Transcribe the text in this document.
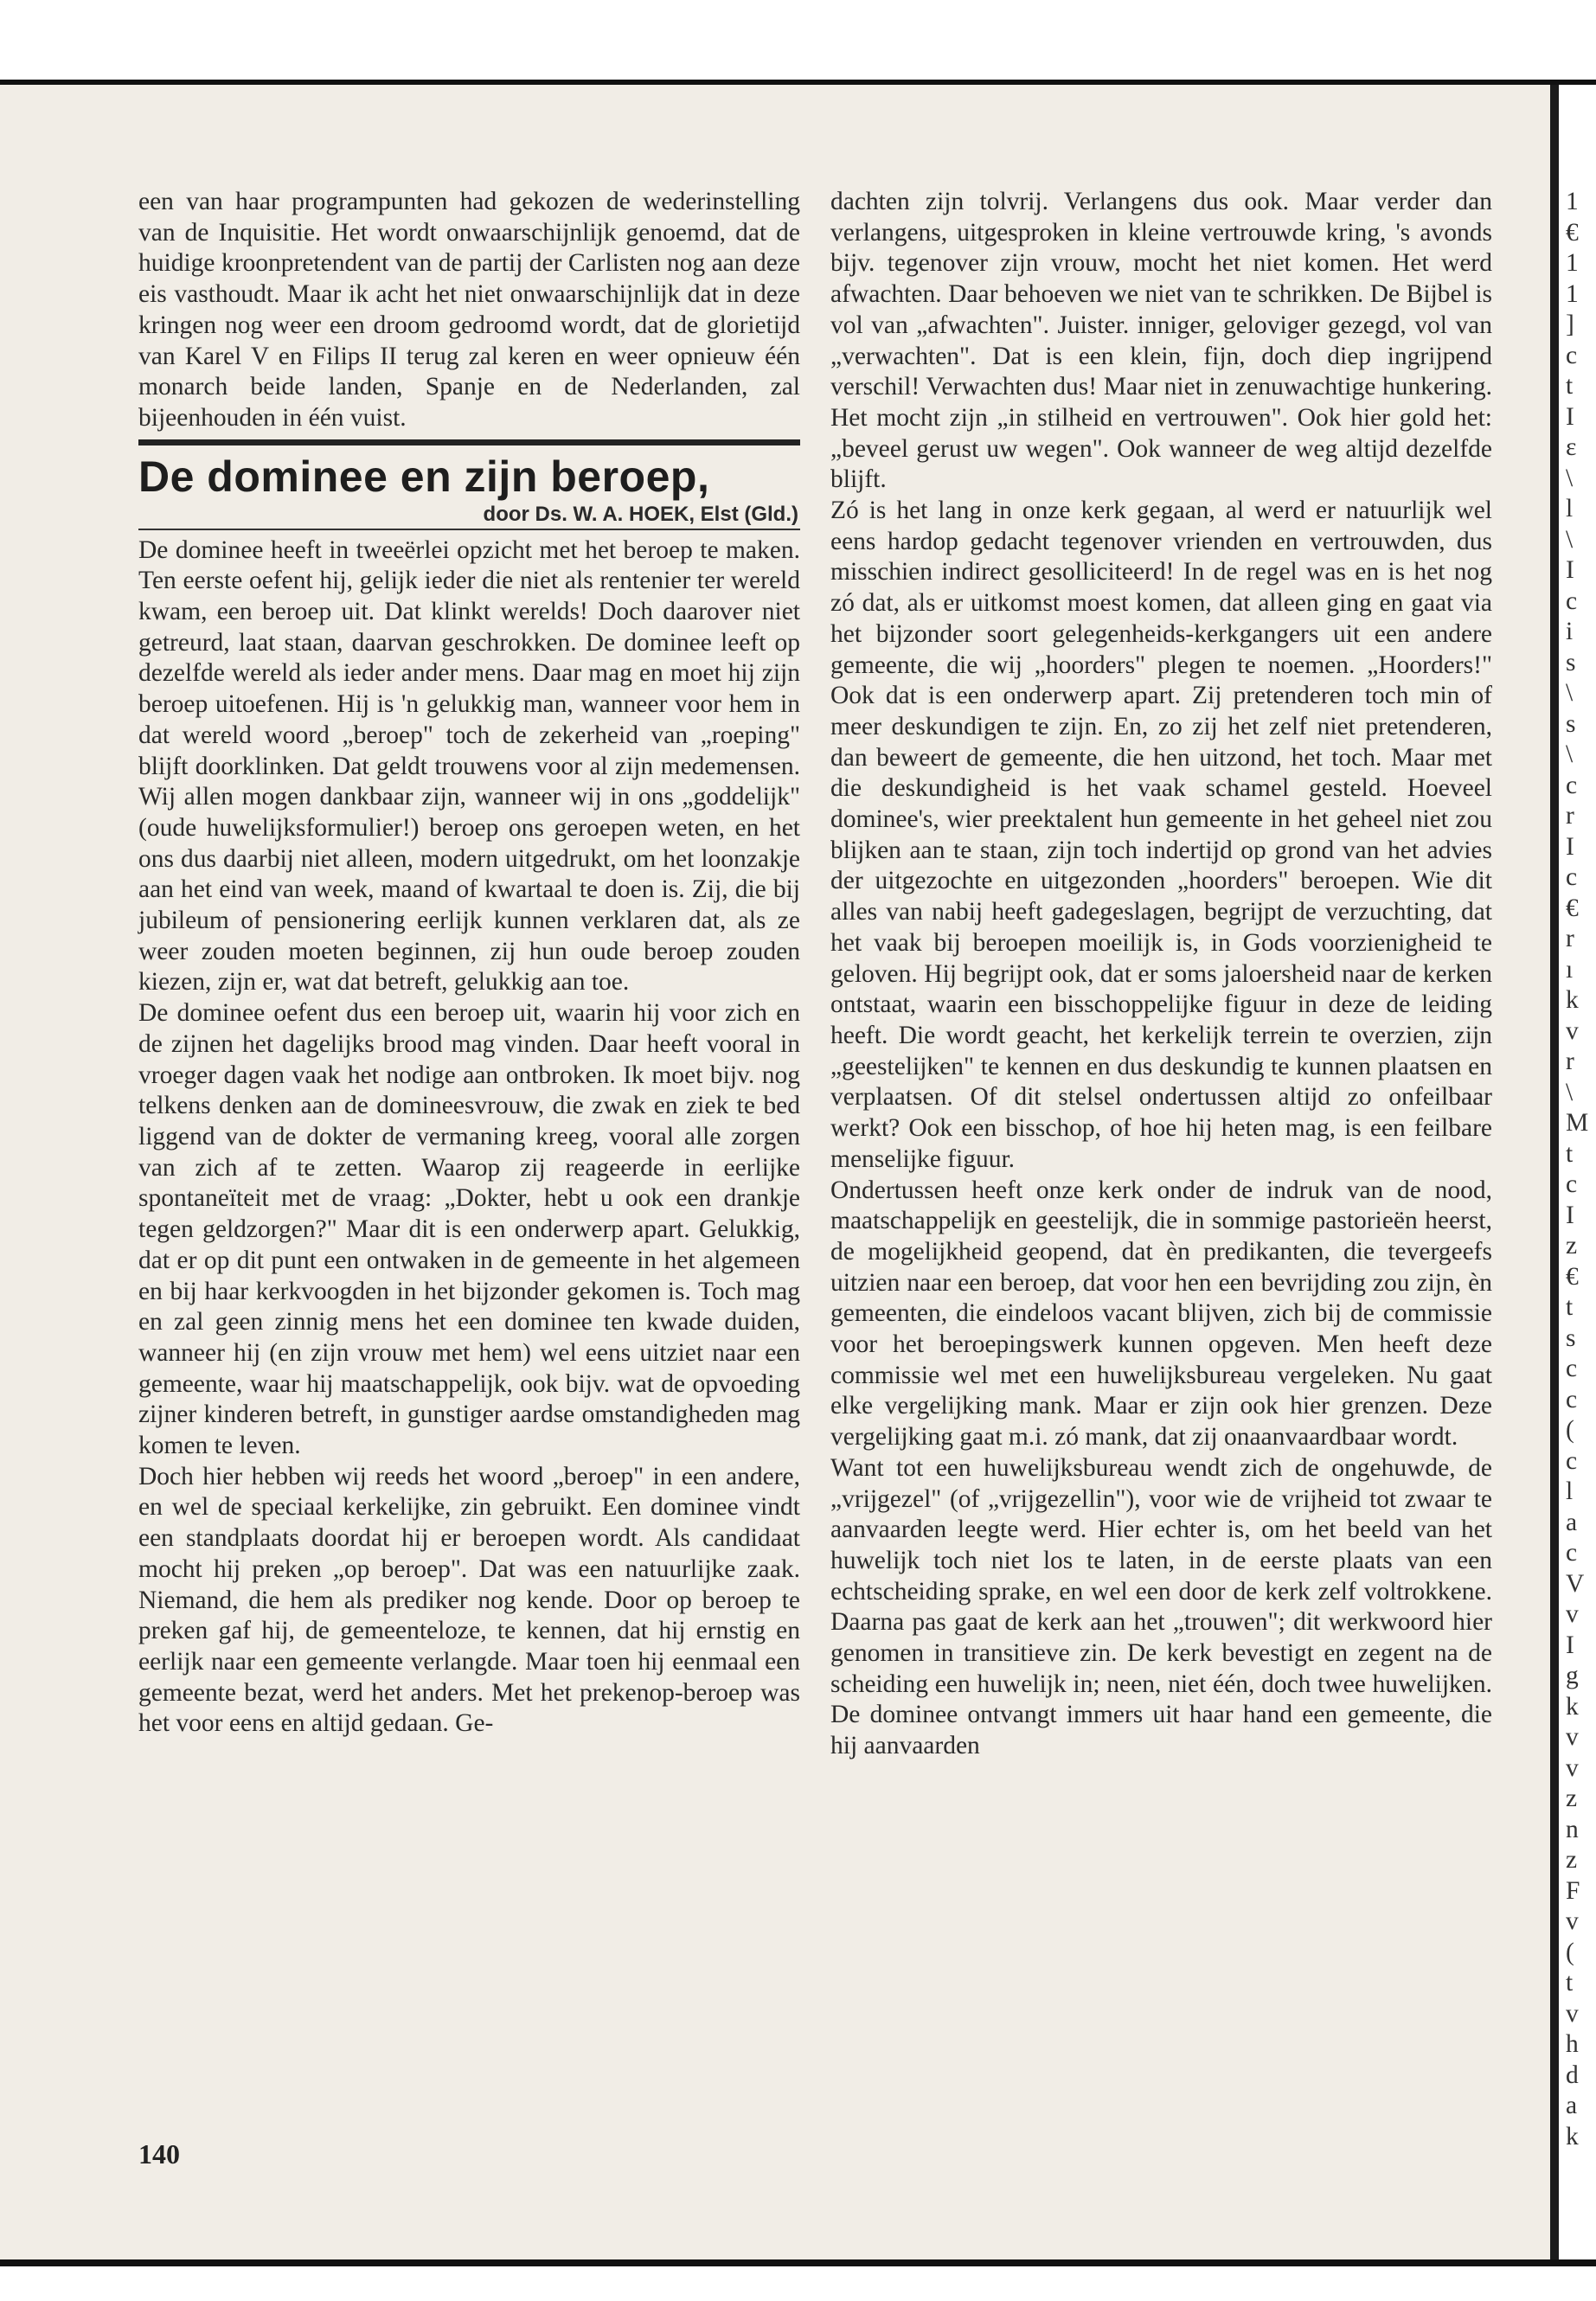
een van haar programpunten had gekozen de wederinstelling van de Inquisitie. Het wordt onwaarschijnlijk genoemd, dat de huidige kroonpretendent van de partij der Carlisten nog aan deze eis vasthoudt. Maar ik acht het niet onwaarschijnlijk dat in deze kringen nog weer een droom gedroomd wordt, dat de glorietijd van Karel V en Filips II terug zal keren en weer opnieuw één monarch beide landen, Spanje en de Nederlanden, zal bijeenhouden in één vuist.

De dominee en zijn beroep,

door Ds. W. A. HOEK, Elst (Gld.)

De dominee heeft in tweeërlei opzicht met het beroep te maken. Ten eerste oefent hij, gelijk ieder die niet als rentenier ter wereld kwam, een beroep uit. Dat klinkt werelds! Doch daarover niet getreurd, laat staan, daarvan geschrokken. De dominee leeft op dezelfde wereld als ieder ander mens. Daar mag en moet hij zijn beroep uitoefenen. Hij is 'n gelukkig man, wanneer voor hem in dat wereld woord „beroep" toch de zekerheid van „roeping" blijft doorklinken. Dat geldt trouwens voor al zijn medemensen. Wij allen mogen dankbaar zijn, wanneer wij in ons „goddelijk" (oude huwelijksformulier!) beroep ons geroepen weten, en het ons dus daarbij niet alleen, modern uitgedrukt, om het loonzakje aan het eind van week, maand of kwartaal te doen is. Zij, die bij jubileum of pensionering eerlijk kunnen verklaren dat, als ze weer zouden moeten beginnen, zij hun oude beroep zouden kiezen, zijn er, wat dat betreft, gelukkig aan toe.

De dominee oefent dus een beroep uit, waarin hij voor zich en de zijnen het dagelijks brood mag vinden. Daar heeft vooral in vroeger dagen vaak het nodige aan ontbroken. Ik moet bijv. nog telkens denken aan de domineesvrouw, die zwak en ziek te bed liggend van de dokter de vermaning kreeg, vooral alle zorgen van zich af te zetten. Waarop zij reageerde in eerlijke spontaneïteit met de vraag: „Dokter, hebt u ook een drankje tegen geldzorgen?" Maar dit is een onderwerp apart. Gelukkig, dat er op dit punt een ontwaken in de gemeente in het algemeen en bij haar kerkvoogden in het bijzonder gekomen is. Toch mag en zal geen zinnig mens het een dominee ten kwade duiden, wanneer hij (en zijn vrouw met hem) wel eens uitziet naar een gemeente, waar hij maatschappelijk, ook bijv. wat de opvoeding zijner kinderen betreft, in gunstiger aardse omstandigheden mag komen te leven.

Doch hier hebben wij reeds het woord „beroep" in een andere, en wel de speciaal kerkelijke, zin gebruikt. Een dominee vindt een standplaats doordat hij er beroepen wordt. Als candidaat mocht hij preken „op beroep". Dat was een natuurlijke zaak. Niemand, die hem als prediker nog kende. Door op beroep te preken gaf hij, de gemeenteloze, te kennen, dat hij ernstig en eerlijk naar een gemeente verlangde. Maar toen hij eenmaal een gemeente bezat, werd het anders. Met het prekenop-beroep was het voor eens en altijd gedaan. Ge-

dachten zijn tolvrij. Verlangens dus ook. Maar verder dan verlangens, uitgesproken in kleine vertrouwde kring, 's avonds bijv. tegenover zijn vrouw, mocht het niet komen. Het werd afwachten. Daar behoeven we niet van te schrikken. De Bijbel is vol van „afwachten". Juister. inniger, geloviger gezegd, vol van „verwachten". Dat is een klein, fijn, doch diep ingrijpend verschil! Verwachten dus! Maar niet in zenuwachtige hunkering. Het mocht zijn „in stilheid en vertrouwen". Ook hier gold het: „beveel gerust uw wegen". Ook wanneer de weg altijd dezelfde blijft.

Zó is het lang in onze kerk gegaan, al werd er natuurlijk wel eens hardop gedacht tegenover vrienden en vertrouwden, dus misschien indirect gesolliciteerd! In de regel was en is het nog zó dat, als er uitkomst moest komen, dat alleen ging en gaat via het bijzonder soort gelegenheids-kerkgangers uit een andere gemeente, die wij „hoorders" plegen te noemen. „Hoorders!" Ook dat is een onderwerp apart. Zij pretenderen toch min of meer deskundigen te zijn. En, zo zij het zelf niet pretenderen, dan beweert de gemeente, die hen uitzond, het toch. Maar met die deskundigheid is het vaak schamel gesteld. Hoeveel dominee's, wier preektalent hun gemeente in het geheel niet zou blijken aan te staan, zijn toch indertijd op grond van het advies der uitgezochte en uitgezonden „hoorders" beroepen. Wie dit alles van nabij heeft gadegeslagen, begrijpt de verzuchting, dat het vaak bij beroepen moeilijk is, in Gods voorzienigheid te geloven. Hij begrijpt ook, dat er soms jaloersheid naar de kerken ontstaat, waarin een bisschoppelijke figuur in deze de leiding heeft. Die wordt geacht, het kerkelijk terrein te overzien, zijn „geestelijken" te kennen en dus deskundig te kunnen plaatsen en verplaatsen. Of dit stelsel ondertussen altijd zo onfeilbaar werkt? Ook een bisschop, of hoe hij heten mag, is een feilbare menselijke figuur.

Ondertussen heeft onze kerk onder de indruk van de nood, maatschappelijk en geestelijk, die in sommige pastorieën heerst, de mogelijkheid geopend, dat èn predikanten, die tevergeefs uitzien naar een beroep, dat voor hen een bevrijding zou zijn, èn gemeenten, die eindeloos vacant blijven, zich bij de commissie voor het beroepingswerk kunnen opgeven. Men heeft deze commissie wel met een huwelijksbureau vergeleken. Nu gaat elke vergelijking mank. Maar er zijn ook hier grenzen. Deze vergelijking gaat m.i. zó mank, dat zij onaanvaardbaar wordt.

Want tot een huwelijksbureau wendt zich de ongehuwde, de „vrijgezel" (of „vrijgezellin"), voor wie de vrijheid tot zwaar te aanvaarden leegte werd. Hier echter is, om het beeld van het huwelijk toch niet los te laten, in de eerste plaats van een echtscheiding sprake, en wel een door de kerk zelf voltrokkene. Daarna pas gaat de kerk aan het „trouwen"; dit werkwoord hier genomen in transitieve zin. De kerk bevestigt en zegent na de scheiding een huwelijk in; neen, niet één, doch twee huwelijken. De dominee ontvangt immers uit haar hand een gemeente, die hij aanvaarden

140
1
€
1
1
]
c
t
I
ɛ
\
l
\
I
c
i
s
\
s
\
c
r
I
c
€
r
ı
k
v
r
\
M
t
c
I
z
€
t
s
c
c
(
c
l
a
c
V
v
I
g
k
v
v
z
n
z
F
v
(
t
v
h
d
a
k
